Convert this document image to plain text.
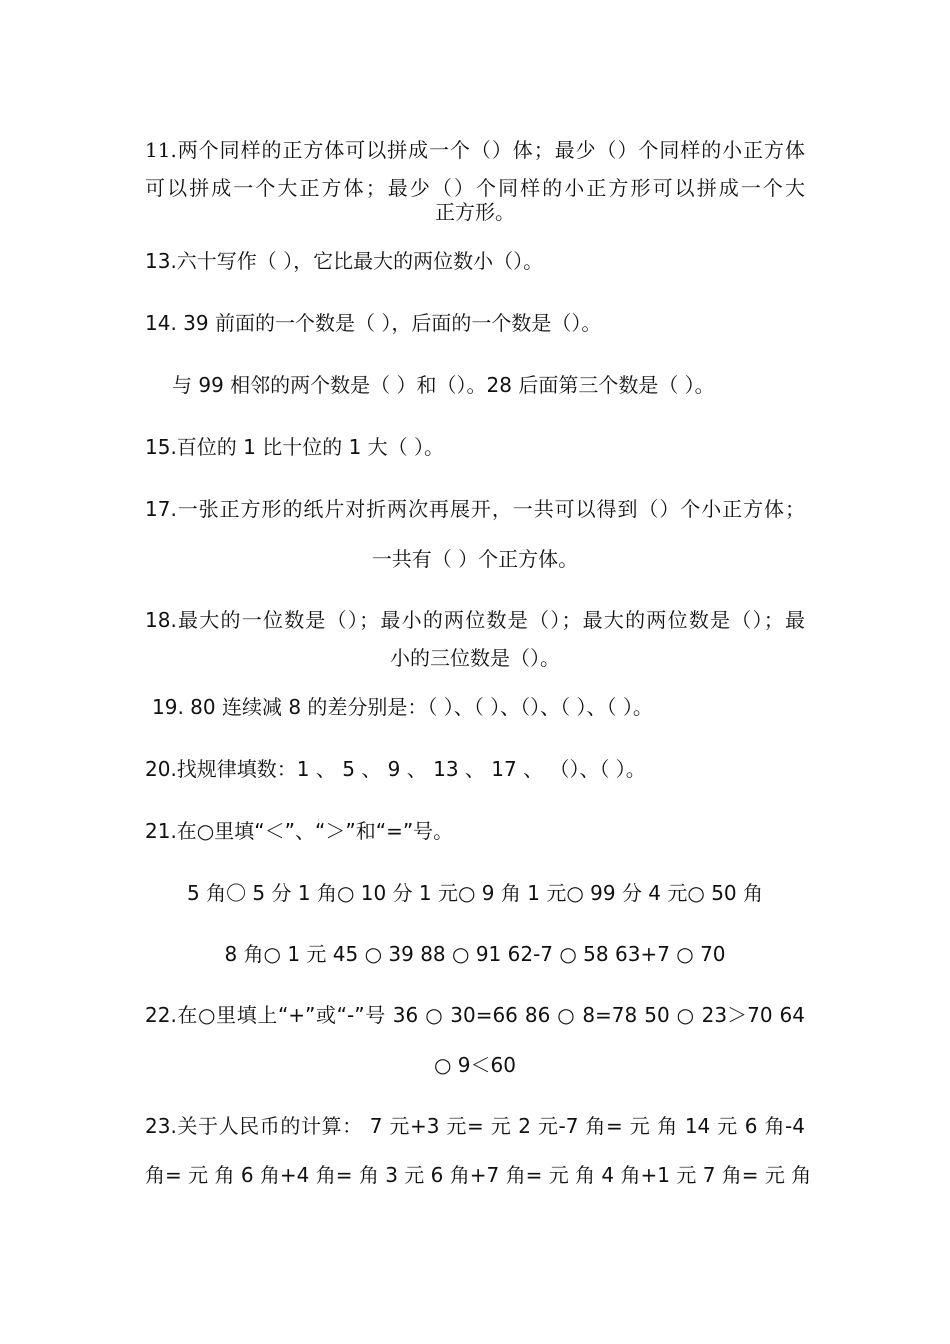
11.两个同样的正方体可以拼成一个（）体；最少（）个同样的小正方体
可以拼成一个大正方体；最少（）个同样的小正方形可以拼成一个大
正方形。
13.六十写作（ ），它比最大的两位数小（）。
14. 39 前面的一个数是（ ），后面的一个数是（）。
与 99 相邻的两个数是（ ）和（）。28 后面第三个数是（ ）。
15.百位的 1 比十位的 1 大（ ）。
17.一张正方形的纸片对折两次再展开，一共可以得到（）个小正方体；
一共有（ ）个正方体。
18.最大的一位数是（）；最小的两位数是（）；最大的两位数是（）；最
小的三位数是（）。
19. 80 连续减 8 的差分别是：（ ）、（ ）、（）、（ ）、（ ）。
20.找规律填数：1 、 5 、 9 、 13 、 17 、 （）、（ ）。
21.在○里填“＜”、“＞”和“=”号。
5 角〇 5 分 1 角○ 10 分 1 元○ 9 角 1 元○ 99 分 4 元○ 50 角
8 角○ 1 元 45 ○ 39 88 ○ 91 62-7 ○ 58 63+7 ○ 70
22.在○里填上“+”或“-”号 36 ○ 30=66 86 ○ 8=78 50 ○ 23＞70 64
○ 9＜60
23.关于人民币的计算： 7 元+3 元= 元 2 元-7 角= 元 角 14 元 6 角-4
角= 元 角 6 角+4 角= 角 3 元 6 角+7 角= 元 角 4 角+1 元 7 角= 元 角
